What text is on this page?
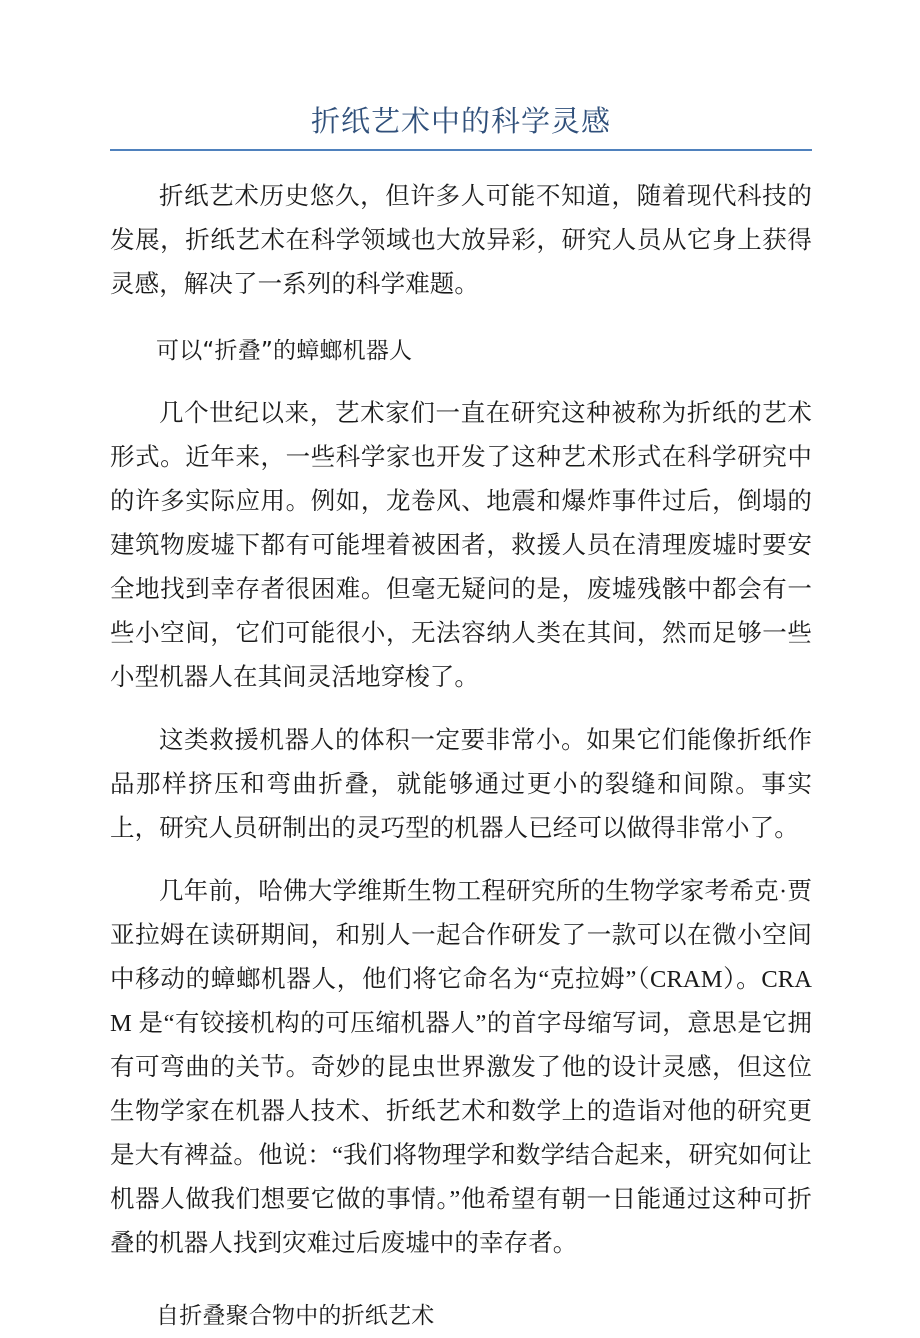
折纸艺术中的科学灵感

折纸艺术历史悠久，但许多人可能不知道，随着现代科技的发展，折纸艺术在科学领域也大放异彩，研究人员从它身上获得灵感，解决了一系列的科学难题。

可以“折叠”的蟑螂机器人

几个世纪以来，艺术家们一直在研究这种被称为折纸的艺术形式。近年来，一些科学家也开发了这种艺术形式在科学研究中的许多实际应用。例如，龙卷风、地震和爆炸事件过后，倒塌的建筑物废墟下都有可能埋着被困者，救援人员在清理废墟时要安全地找到幸存者很困难。但毫无疑问的是，废墟残骸中都会有一些小空间，它们可能很小，无法容纳人类在其间，然而足够一些小型机器人在其间灵活地穿梭了。

这类救援机器人的体积一定要非常小。如果它们能像折纸作品那样挤压和弯曲折叠，就能够通过更小的裂缝和间隙。事实上，研究人员研制出的灵巧型的机器人已经可以做得非常小了。

几年前，哈佛大学维斯生物工程研究所的生物学家考希克·贾亚拉姆在读研期间，和别人一起合作研发了一款可以在微小空间中移动的蟑螂机器人，他们将它命名为“克拉姆”（CRAM）。CRAM 是“有铰接机构的可压缩机器人”的首字母缩写词，意思是它拥有可弯曲的关节。奇妙的昆虫世界激发了他的设计灵感，但这位生物学家在机器人技术、折纸艺术和数学上的造诣对他的研究更是大有裨益。他说：“我们将物理学和数学结合起来，研究如何让机器人做我们想要它做的事情。”他希望有朝一日能通过这种可折叠的机器人找到灾难过后废墟中的幸存者。

自折叠聚合物中的折纸艺术
